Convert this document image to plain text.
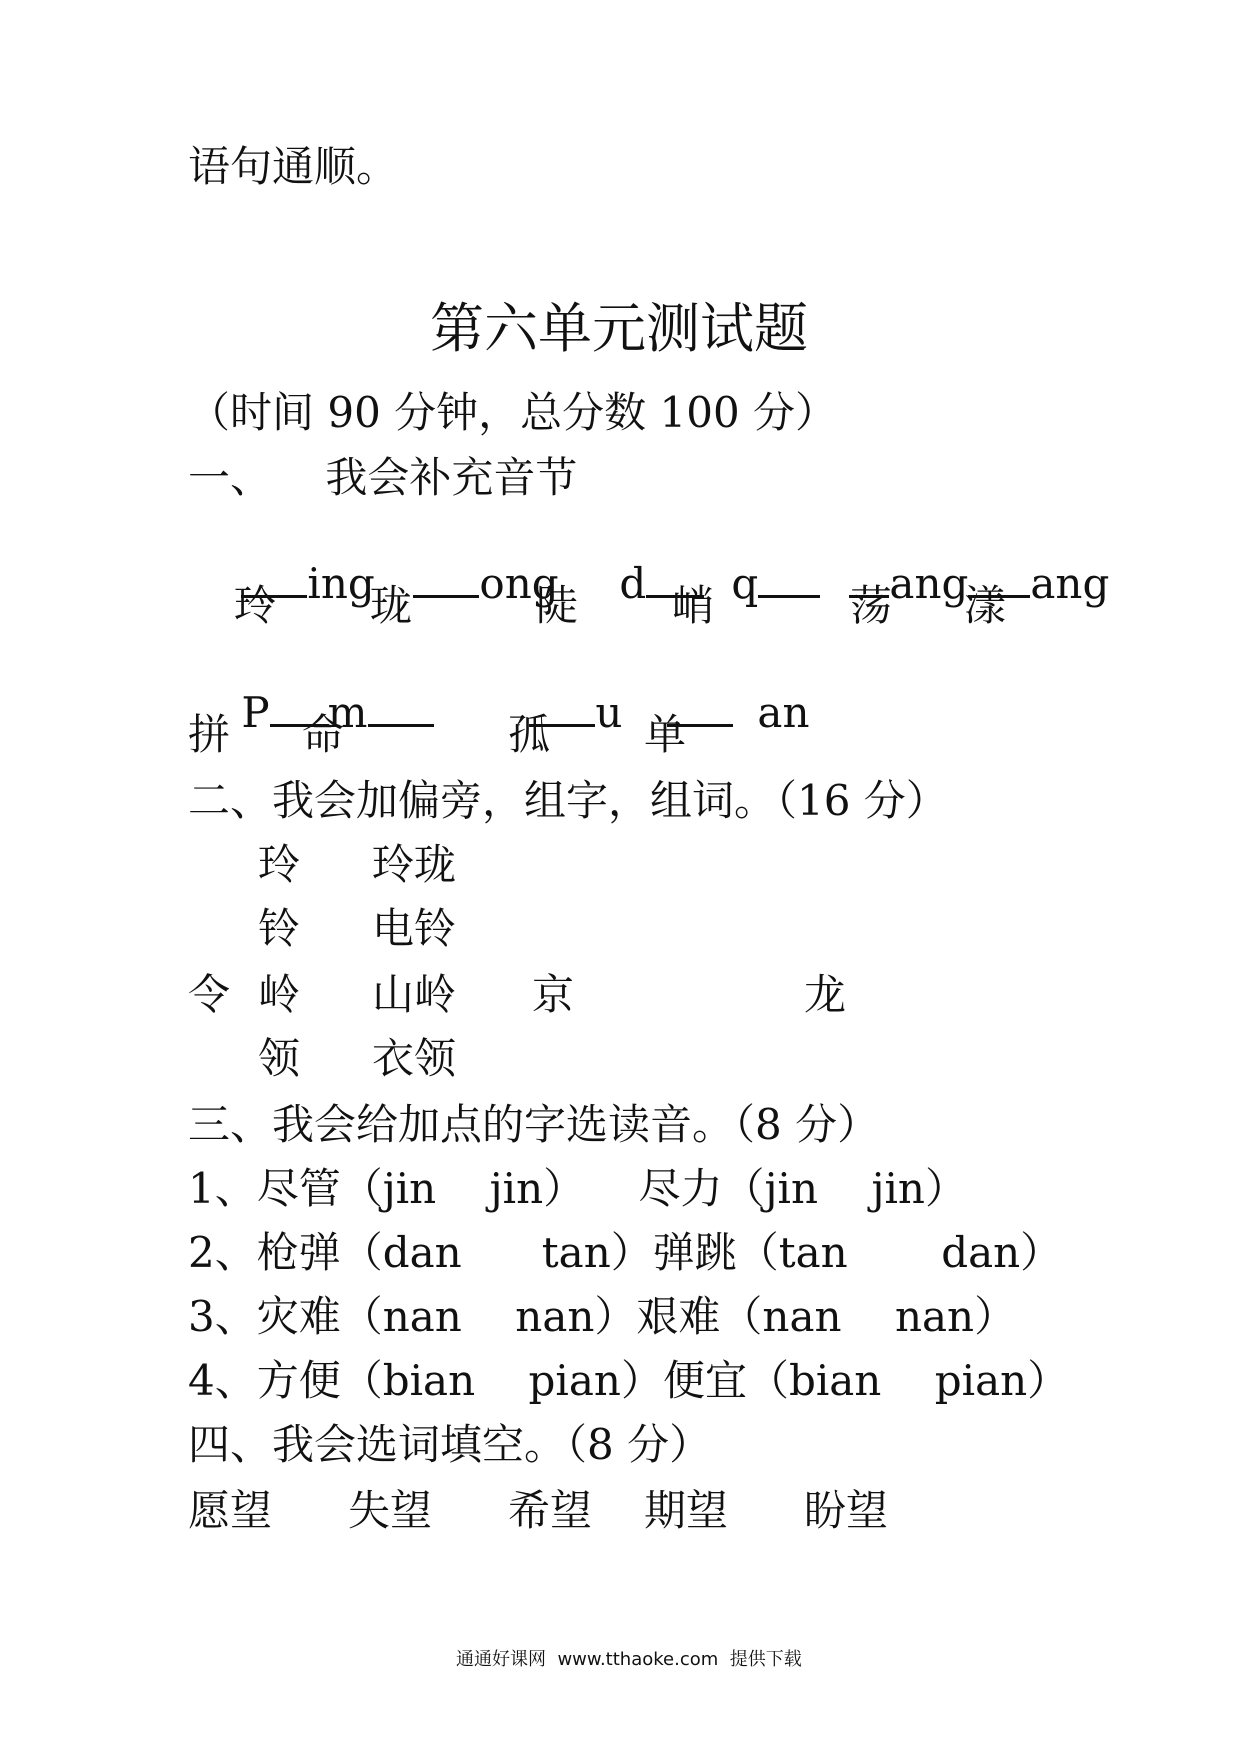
语句通顺。
第六单元测试题
（时间 90 分钟，总分数 100 分）
一、    我会补充音节

ing
	ong
	d
	q
	ang ang

玲 珑	陡 峭	荡 漾

P m
	u
	an

拼 命	孤 单
二、我会加偏旁，组字，组词。（16 分）
玲 玲珑
铃 电铃
令 岭 山岭 京	龙
领 衣领
三、我会给加点的字选读音。（8 分）
1、尽管（jin    jin）    尽力（jin    jin）
2、枪弹（dan      tan）弹跳（tan       dan）
3、灾难（nan    nan）艰难（nan    nan）
4、方便（bian    pian）便宜（bian    pian）
四、我会选词填空。（8 分）
愿望 失望 希望 期望 盼望
通通好课网  www.tthaoke.com  提供下载
